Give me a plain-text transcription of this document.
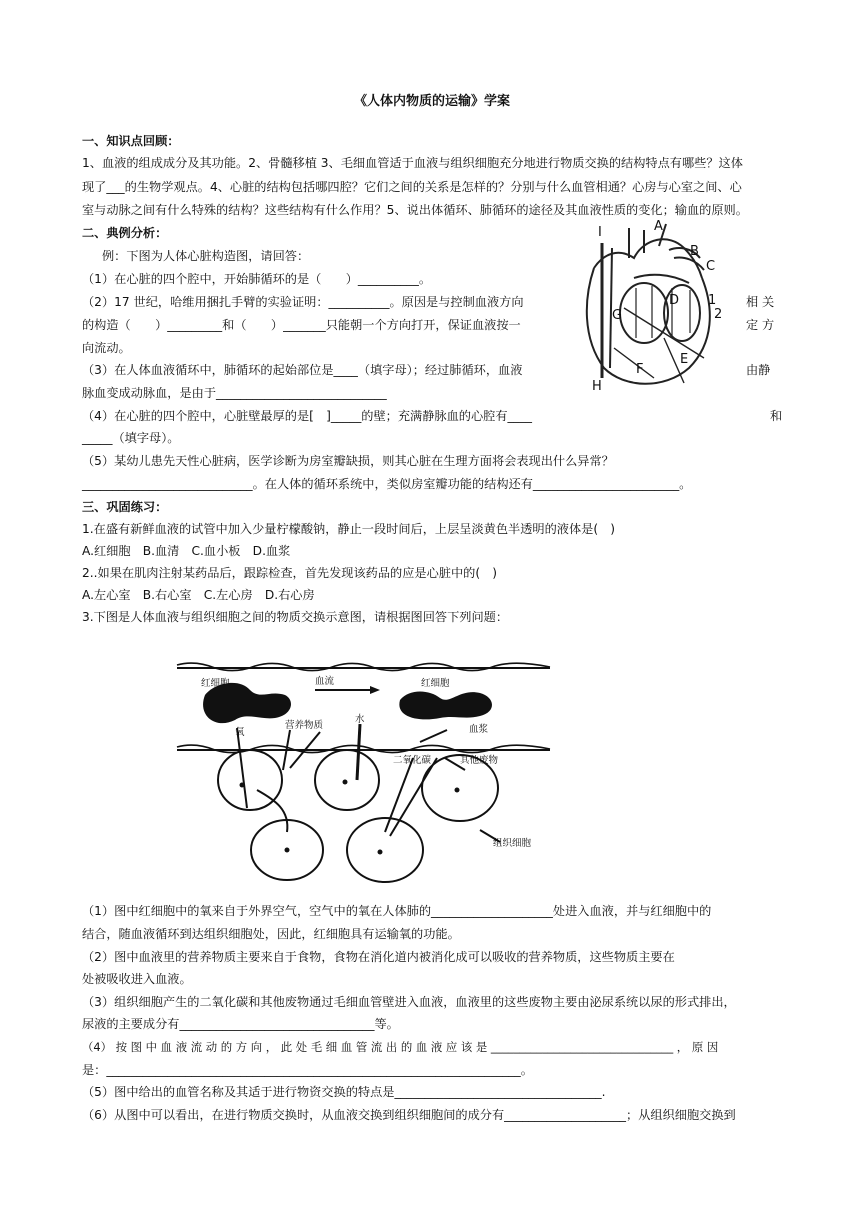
《人体内物质的运输》学案
一、知识点回顾：
1、血液的组成成分及其功能。2、骨髓移植 3、毛细血管适于血液与组织细胞充分地进行物质交换的结构特点有哪些？这体
现了___的生物学观点。4、心脏的结构包括哪四腔？它们之间的关系是怎样的？分别与什么血管相通？心房与心室之间、心
室与动脉之间有什么特殊的结构？这些结构有什么作用？5、说出体循环、肺循环的途径及其血液性质的变化；输血的原则。
二、典例分析：
例：下图为人体心脏构造图，请回答：
（1）在心脏的四个腔中，开始肺循环的是（　　）__________。
（2）17 世纪，哈维用捆扎手臂的实验证明：__________。原因是与控制血液方向	相 关
的构造（　　）_________和（　　）_______只能朝一个方向打开，保证血液按一	定 方
向流动。
（3）在人体血液循环中，肺循环的起始部位是____（填字母）；经过肺循环，血液	由静
脉血变成动脉血，是由于____________________________
（4）在心脏的四个腔中，心脏壁最厚的是[　]_____的壁；充满静脉血的心腔有____	和
_____（填字母）。
（5）某幼儿患先天性心脏病，医学诊断为房室瓣缺损，则其心脏在生理方面将会表现出什么异常？
____________________________。在人体的循环系统中，类似房室瓣功能的结构还有________________________。
三、巩固练习：
1.在盛有新鲜血液的试管中加入少量柠檬酸钠，静止一段时间后，上层呈淡黄色半透明的液体是(　)
A.红细胞　B.血清　C.血小板　D.血浆
2..如果在肌肉注射某药品后，跟踪检查，首先发现该药品的应是心脏中的(　)
A.左心室　B.右心室　C.左心房　D.右心房
3.下图是人体血液与组织细胞之间的物质交换示意图，请根据图回答下列问题：
（1）图中红细胞中的氧来自于外界空气，空气中的氧在人体肺的____________________处进入血液，并与红细胞中的
结合，随血液循环到达组织细胞处，因此，红细胞具有运输氧的功能。
（2）图中血液里的营养物质主要来自于食物，食物在消化道内被消化成可以吸收的营养物质，这些物质主要在
处被吸收进入血液。
（3）组织细胞产生的二氧化碳和其他废物通过毛细血管壁进入血液，血液里的这些废物主要由泌尿系统以尿的形式排出，
尿液的主要成分有________________________________等。
（4） 按 图 中 血 液 流 动 的 方 向 ， 此 处 毛 细 血 管 流 出 的 血 液 应 该 是 ________________________________ ， 原 因
是：____________________________________________________________________。
（5）图中给出的血管名称及其适于进行物资交换的特点是__________________________________.
（6）从图中可以看出，在进行物质交换时，从血液交换到组织细胞间的成分有____________________；从组织细胞交换到
I	A
B
C
D 1
2
G
E
F
H
红细胞	血流	红细胞
氧
营养物质
水
血浆
二氧化碳	其他废物
组织细胞
